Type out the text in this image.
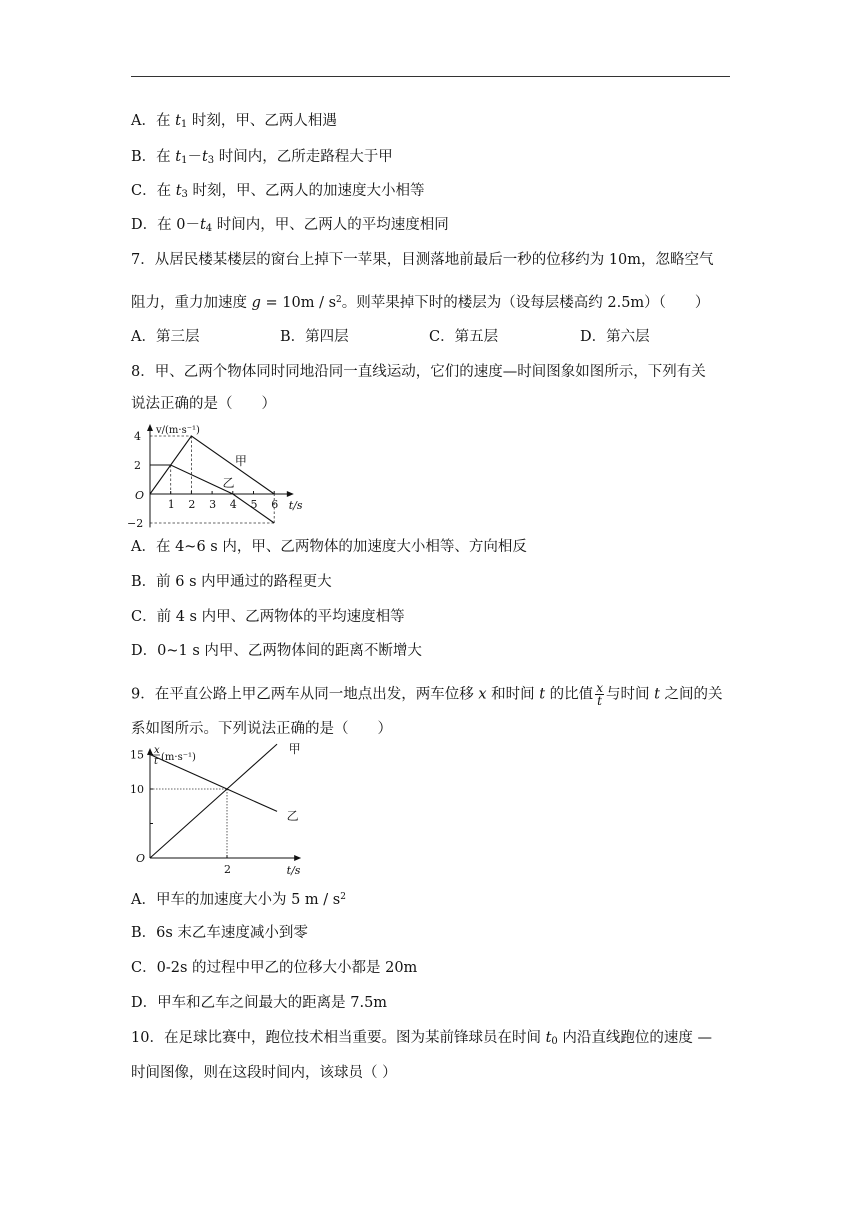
A．在 $t_1$ 时刻，甲、乙两人相遇
B．在 $t_1-t_3$ 时间内，乙所走路程大于甲
C．在 $t_3$ 时刻，甲、乙两人的加速度大小相等
D．在 $0-t_4$ 时间内，甲、乙两人的平均速度相同
7．从居民楼某楼层的窗台上掉下一苹果，目测落地前最后一秒的位移约为 10m，忽略空气
阻力，重力加速度 $g = 10m / s^2$。则苹果掉下时的楼层为（设每层楼高约 2.5m）（　　）
A．第三层	B．第四层	C．第五层	D．第六层
8．甲、乙两个物体同时同地沿同一直线运动，它们的速度—时间图象如图所示，下列有关
说法正确的是（　　）
1 2 3 4 5 6
4
2
O
−2
v/(m·s⁻¹)
t/s
甲
乙
A．在 4~6 s 内，甲、乙两物体的加速度大小相等、方向相反
B．前 6 s 内甲通过的路程更大
C．前 4 s 内甲、乙两物体的平均速度相等
D．0~1 s 内甲、乙两物体间的距离不断增大
9．在平直公路上甲乙两车从同一地点出发，两车位移 x 和时间 t 的比值 $\frac{x}{t}$ 与时间 t 之间的关
系如图所示。下列说法正确的是（　　）
2
15
10
O
x
t (m·s⁻¹)
t/s
甲
乙
A．甲车的加速度大小为 5 m / $s^2$
B．6s 末乙车速度减小到零
C．0-2s 的过程中甲乙的位移大小都是 20m
D．甲车和乙车之间最大的距离是 7.5m
10．在足球比赛中，跑位技术相当重要。图为某前锋球员在时间 $t_0$ 内沿直线跑位的速度 —
时间图像，则在这段时间内，该球员（ ）
